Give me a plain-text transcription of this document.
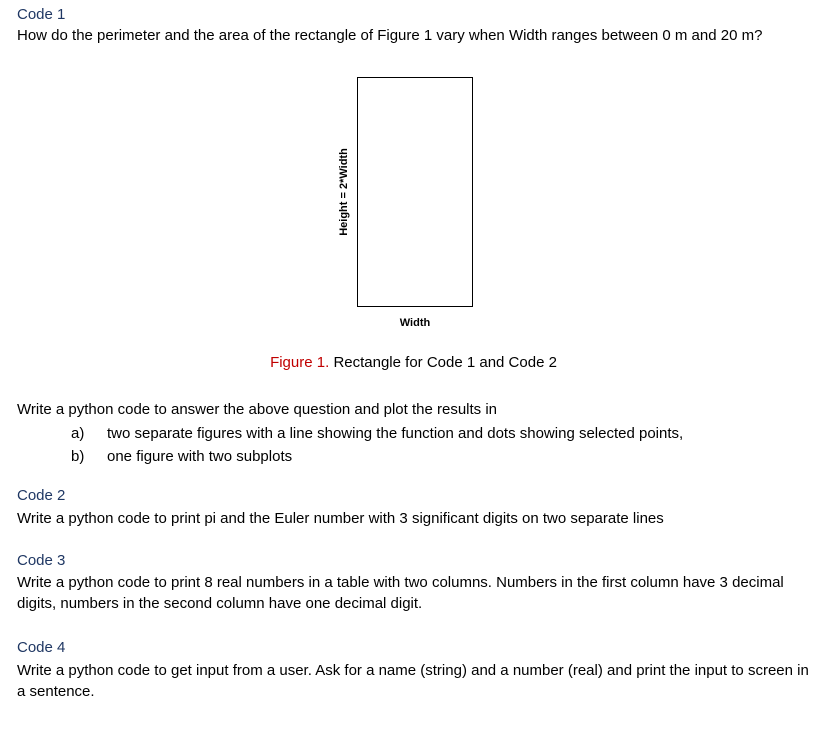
Code 1
How do the perimeter and the area of the rectangle of Figure 1 vary when Width ranges between 0 m and 20 m?
Height = 2*Width
Width
Figure 1. Rectangle for Code 1 and Code 2
Write a python code to answer the above question and plot the results in
a) two separate figures with a line showing the function and dots showing selected points,
b) one figure with two subplots
Code 2
Write a python code to print pi and the Euler number with 3 significant digits on two separate lines
Code 3
Write a python code to print 8 real numbers in a table with two columns. Numbers in the first column have 3 decimal digits, numbers in the second column have one decimal digit.
Code 4
Write a python code to get input from a user. Ask for a name (string) and a number (real) and print the input to screen in a sentence.
